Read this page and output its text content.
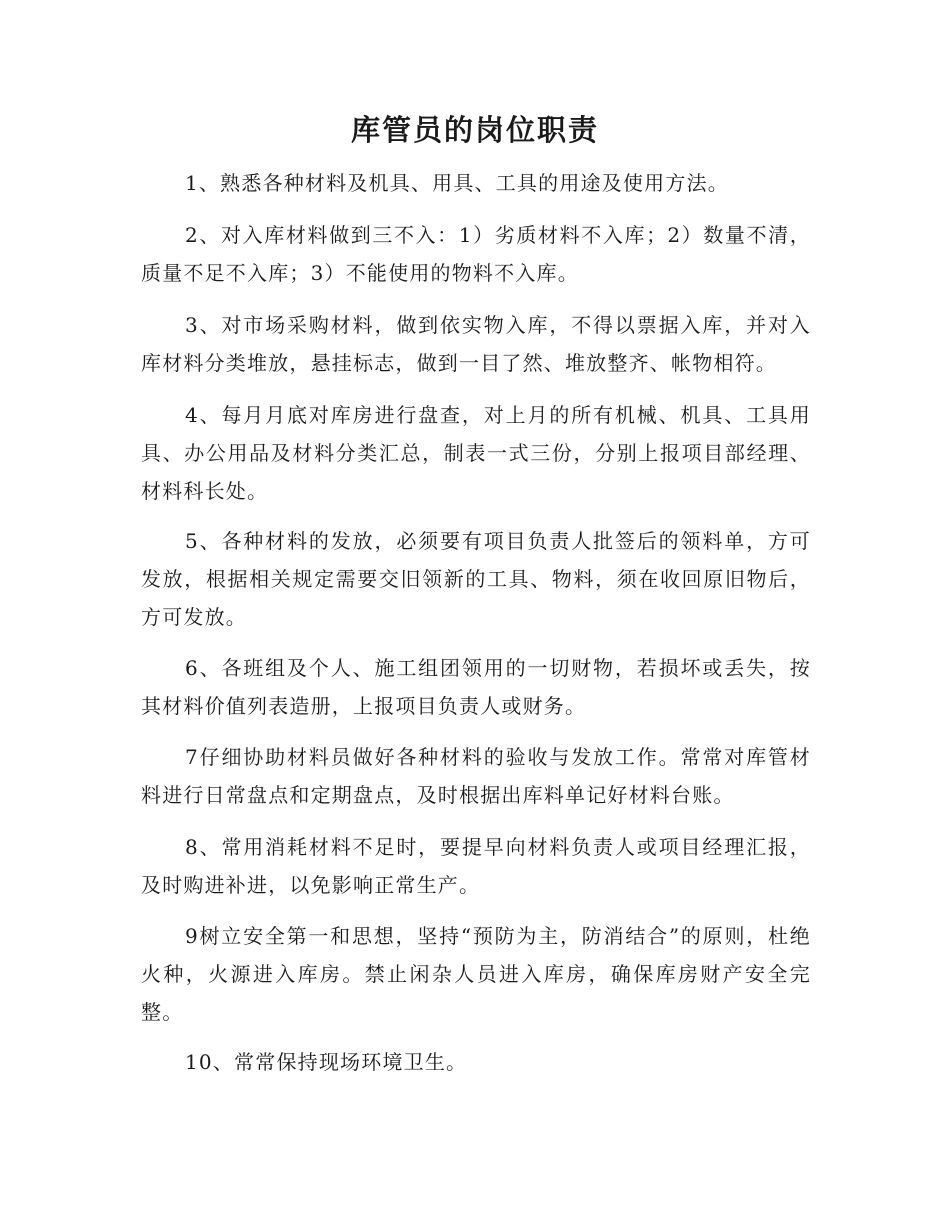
库管员的岗位职责

1、熟悉各种材料及机具、用具、工具的用途及使用方法。

2、对入库材料做到三不入：1）劣质材料不入库；2）数量不清，质量不足不入库；3）不能使用的物料不入库。

3、对市场采购材料，做到依实物入库，不得以票据入库，并对入库材料分类堆放，悬挂标志，做到一目了然、堆放整齐、帐物相符。

4、每月月底对库房进行盘查，对上月的所有机械、机具、工具用具、办公用品及材料分类汇总，制表一式三份，分别上报项目部经理、材料科长处。

5、各种材料的发放，必须要有项目负责人批签后的领料单，方可发放，根据相关规定需要交旧领新的工具、物料，须在收回原旧物后，方可发放。

6、各班组及个人、施工组团领用的一切财物，若损坏或丢失，按其材料价值列表造册，上报项目负责人或财务。

7仔细协助材料员做好各种材料的验收与发放工作。常常对库管材料进行日常盘点和定期盘点，及时根据出库料单记好材料台账。

8、常用消耗材料不足时，要提早向材料负责人或项目经理汇报，及时购进补进，以免影响正常生产。

9树立安全第一和思想，坚持“预防为主，防消结合”的原则，杜绝火种，火源进入库房。禁止闲杂人员进入库房，确保库房财产安全完整。

10、常常保持现场环境卫生。
